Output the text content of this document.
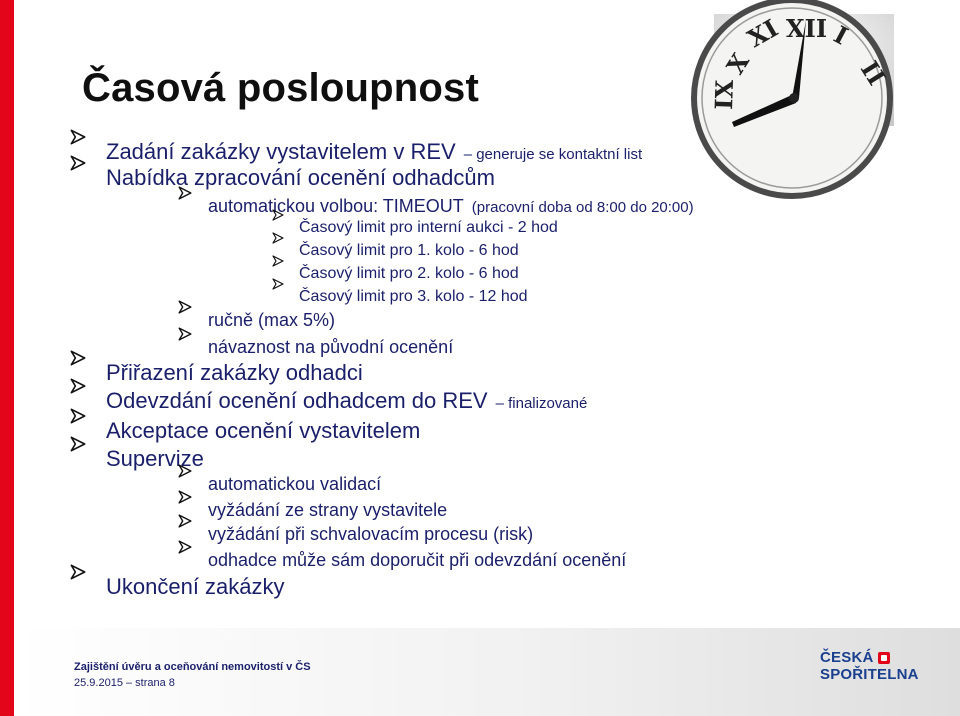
X
XI XII I
II
IX
Časová posloupnost
Zadání zakázky vystavitelem v REV – generuje se kontaktní list
Nabídka zpracování ocenění odhadcům
automatickou volbou: TIMEOUT (pracovní doba od 8:00 do 20:00)
Časový limit pro interní aukci - 2 hod
Časový limit pro 1. kolo - 6 hod
Časový limit pro 2. kolo - 6 hod
Časový limit pro 3. kolo - 12 hod
ručně (max 5%)
návaznost na původní ocenění
Přiřazení zakázky odhadci
Odevzdání ocenění odhadcem do REV – finalizované
Akceptace ocenění vystavitelem
Supervize
automatickou validací
vyžádání ze strany vystavitele
vyžádání při schvalovacím procesu (risk)
odhadce může sám doporučit při odevzdání ocenění
Ukončení zakázky
Zajištění úvěru a oceňování nemovitostí v ČS
25.9.2015 – strana 8
ČESKÁ
SPOŘITELNA
